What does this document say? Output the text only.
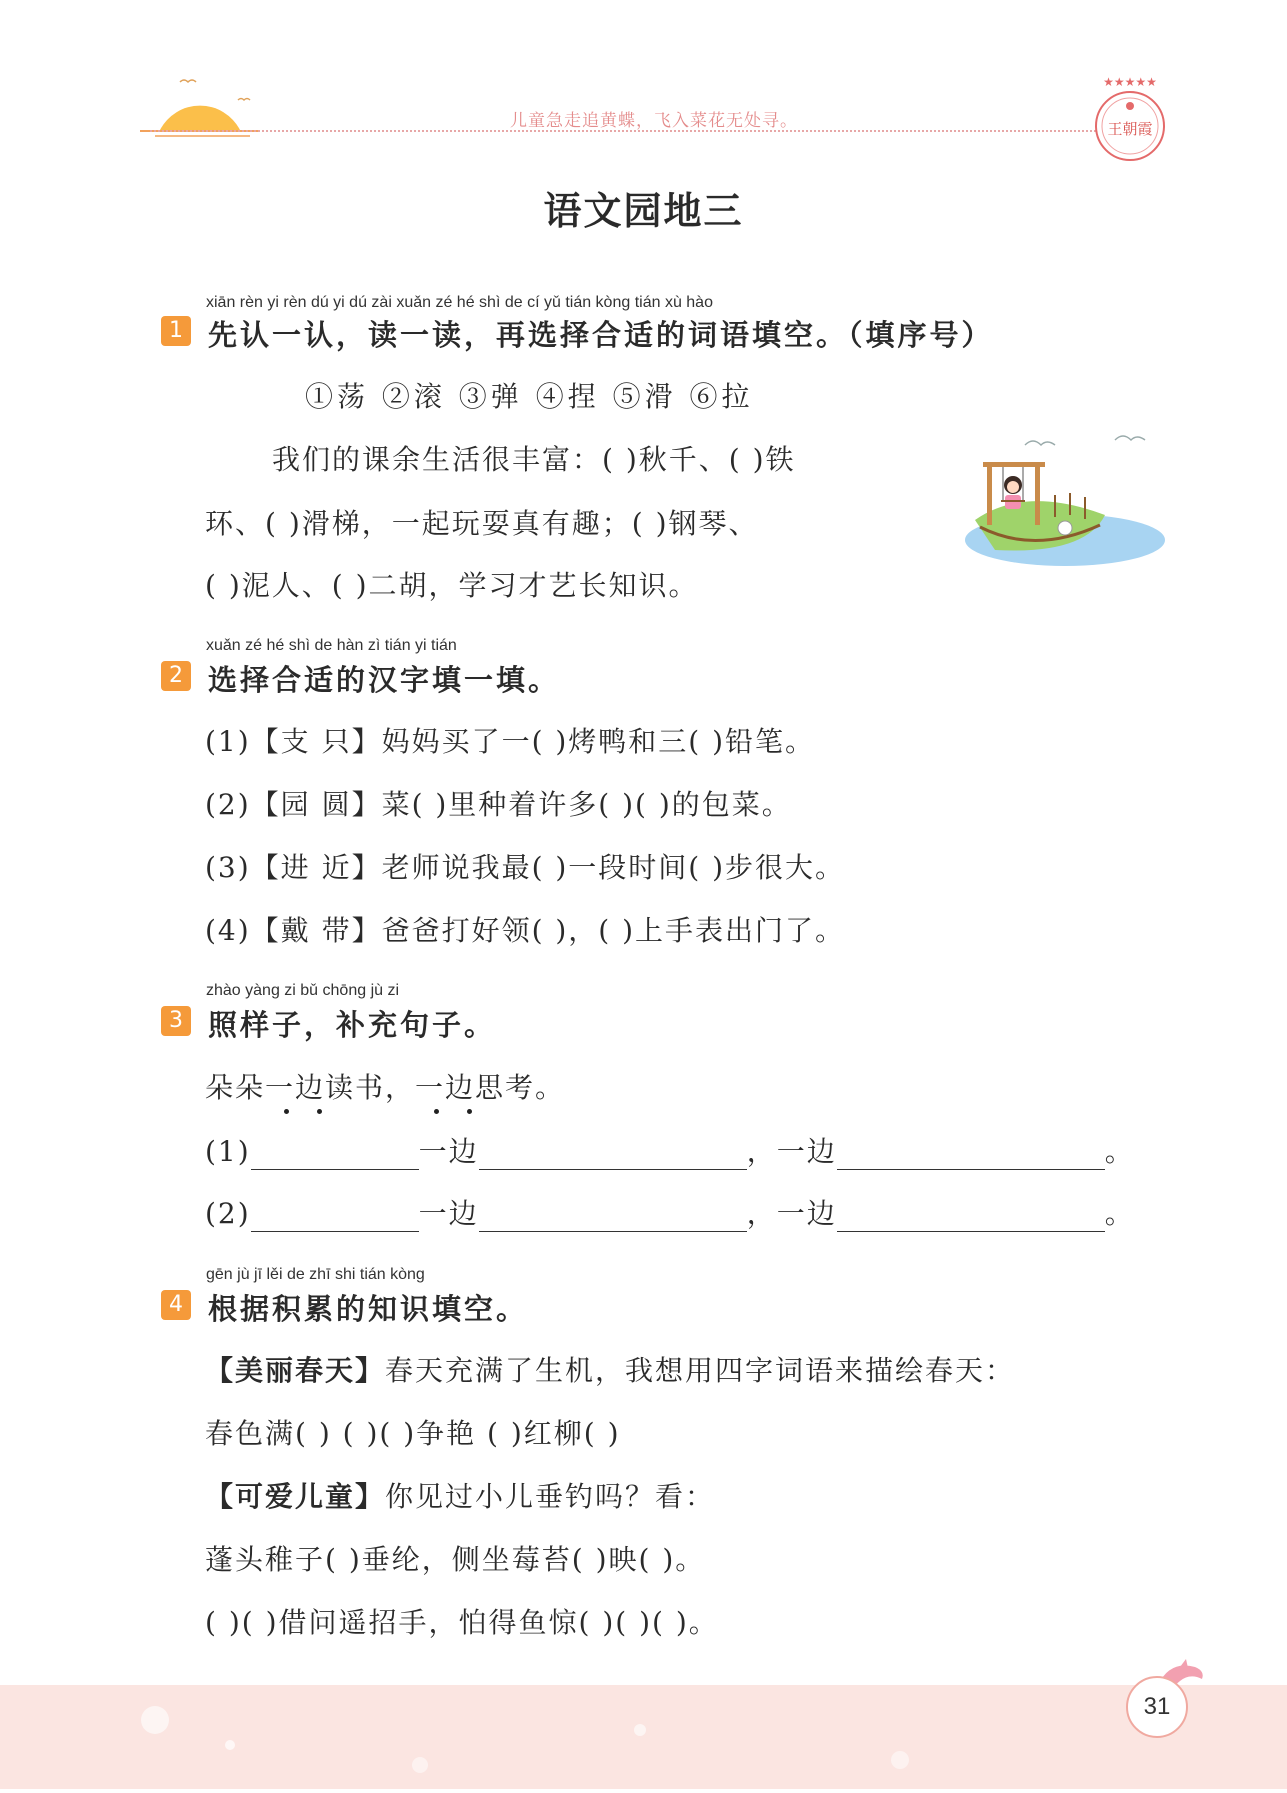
儿童急走追黄蝶，飞入菜花无处寻。
★★★★★
王朝霞
语文园地三
xiān rèn yi rèn dú yi dú zài xuǎn zé hé shì de cí yǔ tián kòng tián xù hào
1 先认一认，读一读，再选择合适的词语填空。（填序号）
①荡 ②滚 ③弹 ④捏 ⑤滑 ⑥拉
我们的课余生活很丰富：( )秋千、( )铁
环、( )滑梯，一起玩耍真有趣；( )钢琴、
( )泥人、( )二胡，学习才艺长知识。
xuǎn zé hé shì de hàn zì tián yi tián
2 选择合适的汉字填一填。
(1)【支 只】妈妈买了一( )烤鸭和三( )铅笔。
(2)【园 圆】菜( )里种着许多( )( )的包菜。
(3)【进 近】老师说我最( )一段时间( )步很大。
(4)【戴 带】爸爸打好领( )，( )上手表出门了。
zhào yàng zi bǔ chōng jù zi
3 照样子，补充句子。
朵朵一边读书，一边思考。
(1)	一边	，一边	。
(2)	一边	，一边	。
gēn jù jī lěi de zhī shi tián kòng
4 根据积累的知识填空。
【美丽春天】春天充满了生机，我想用四字词语来描绘春天：
春色满( ) ( )( )争艳 ( )红柳( )
【可爱儿童】你见过小儿垂钓吗？看：
蓬头稚子( )垂纶，侧坐莓苔( )映( )。
( )( )借问遥招手，怕得鱼惊( )( )( )。
31
